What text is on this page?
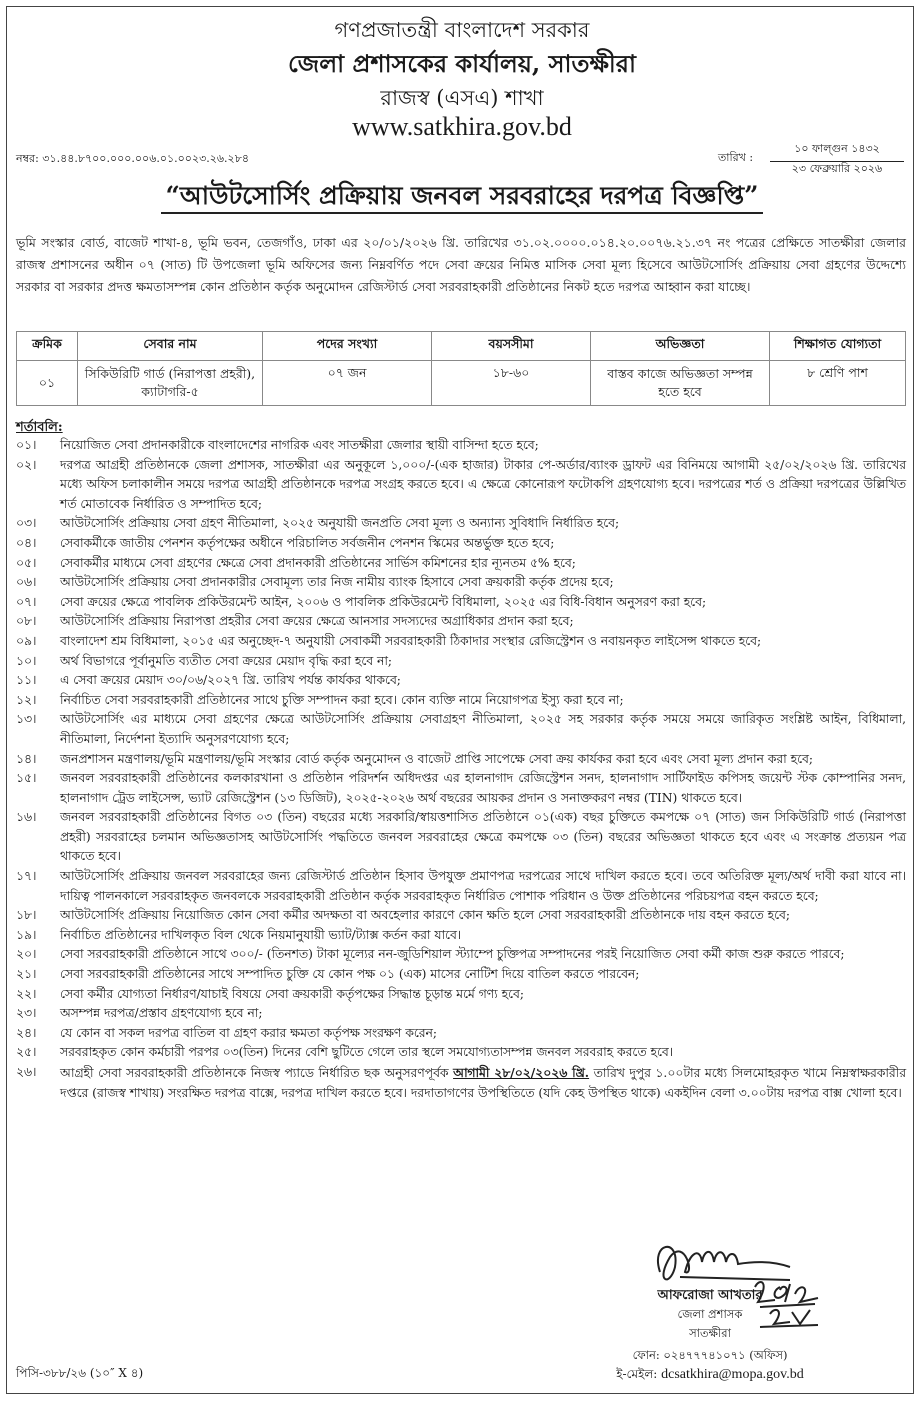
গণপ্রজাতন্ত্রী বাংলাদেশ সরকার
জেলা প্রশাসকের কার্যালয়, সাতক্ষীরা
রাজস্ব (এসএ) শাখা
www.satkhira.gov.bd
নম্বর: ৩১.৪৪.৮৭০০.০০০.০০৬.০১.০০২৩.২৬.২৮৪	তারিখ :
১০ ফাল্গুন ১৪৩২
২৩ ফেব্রুয়ারি ২০২৬
“আউটসোর্সিং প্রক্রিয়ায় জনবল সরবরাহের দরপত্র বিজ্ঞপ্তি”
ভূমি সংস্কার বোর্ড, বাজেট শাখা-৪, ভূমি ভবন, তেজগাঁও, ঢাকা এর ২০/০১/২০২৬ খ্রি. তারিখের ৩১.০২.০০০০.০১৪.২০.০০৭৬.২১.৩৭ নং পত্রের প্রেক্ষিতে সাতক্ষীরা জেলার রাজস্ব প্রশাসনের অধীন ০৭ (সাত) টি উপজেলা ভূমি অফিসের জন্য নিম্নবর্ণিত পদে সেবা ক্রয়ের নিমিত্ত মাসিক সেবা মূল্য হিসেবে আউটসোর্সিং প্রক্রিয়ায় সেবা গ্রহণের উদ্দেশ্যে সরকার বা সরকার প্রদত্ত ক্ষমতাসম্পন্ন কোন প্রতিষ্ঠান কর্তৃক অনুমোদন রেজিস্টার্ড সেবা সরবরাহকারী প্রতিষ্ঠানের নিকট হতে দরপত্র আহ্বান করা যাচ্ছে।
ক্রমিক	সেবার নাম	পদের সংখ্যা	বয়সসীমা	অভিজ্ঞতা	শিক্ষাগত যোগ্যতা
০১	সিকিউরিটি গার্ড (নিরাপত্তা প্রহরী), ক্যাটাগরি-৫	০৭ জন	১৮-৬০	বাস্তব কাজে অভিজ্ঞতা সম্পন্ন হতে হবে	৮ শ্রেণি পাশ
শর্তাবলি:
০১।	নিয়োজিত সেবা প্রদানকারীকে বাংলাদেশের নাগরিক এবং সাতক্ষীরা জেলার স্থায়ী বাসিন্দা হতে হবে;
০২।	দরপত্র আগ্রহী প্রতিষ্ঠানকে জেলা প্রশাসক, সাতক্ষীরা এর অনুকূলে ১,০০০/-(এক হাজার) টাকার পে-অর্ডার/ব্যাংক ড্রাফট এর বিনিময়ে আগামী ২৫/০২/২০২৬ খ্রি. তারিখের মধ্যে অফিস চলাকালীন সময়ে দরপত্র আগ্রহী প্রতিষ্ঠানকে দরপত্র সংগ্রহ করতে হবে। এ ক্ষেত্রে কোনোরূপ ফটোকপি গ্রহণযোগ্য হবে। দরপত্রের শর্ত ও প্রক্রিয়া দরপত্রের উল্লিখিত শর্ত মোতাবেক নির্ধারিত ও সম্পাদিত হবে;
০৩।	আউটসোর্সিং প্রক্রিয়ায় সেবা গ্রহণ নীতিমালা, ২০২৫ অনুযায়ী জনপ্রতি সেবা মূল্য ও অন্যান্য সুবিধাদি নির্ধারিত হবে;
০৪।	সেবাকর্মীকে জাতীয় পেনশন কর্তৃপক্ষের অধীনে পরিচালিত সর্বজনীন পেনশন স্কিমের অন্তর্ভুক্ত হতে হবে;
০৫।	সেবাকর্মীর মাধ্যমে সেবা গ্রহণের ক্ষেত্রে সেবা প্রদানকারী প্রতিষ্ঠানের সার্ভিস কমিশনের হার ন্যূনতম ৫% হবে;
০৬।	আউটসোর্সিং প্রক্রিয়ায় সেবা প্রদানকারীর সেবামূল্য তার নিজ নামীয় ব্যাংক হিসাবে সেবা ক্রয়কারী কর্তৃক প্রদেয় হবে;
০৭।	সেবা ক্রয়ের ক্ষেত্রে পাবলিক প্রকিউরমেন্ট আইন, ২০০৬ ও পাবলিক প্রকিউরমেন্ট বিধিমালা, ২০২৫ এর বিধি-বিধান অনুসরণ করা হবে;
০৮।	আউটসোর্সিং প্রক্রিয়ায় নিরাপত্তা প্রহরীর সেবা ক্রয়ের ক্ষেত্রে আনসার সদস্যদের অগ্রাধিকার প্রদান করা হবে;
০৯।	বাংলাদেশ শ্রম বিধিমালা, ২০১৫ এর অনুচ্ছেদ-৭ অনুযায়ী সেবাকর্মী সরবরাহকারী ঠিকাদার সংস্থার রেজিস্ট্রেশন ও নবায়নকৃত লাইসেন্স থাকতে হবে;
১০।	অর্থ বিভাগরে পূর্বানুমতি ব্যতীত সেবা ক্রয়ের মেয়াদ বৃদ্ধি করা হবে না;
১১।	এ সেবা ক্রয়ের মেয়াদ ৩০/০৬/২০২৭ খ্রি. তারিখ পর্যন্ত কার্যকর থাকবে;
১২।	নির্বাচিত সেবা সরবরাহকারী প্রতিষ্ঠানের সাথে চুক্তি সম্পাদন করা হবে। কোন ব্যক্তি নামে নিয়োগপত্র ইস্যু করা হবে না;
১৩।	আউটসোর্সিং এর মাধ্যমে সেবা গ্রহণের ক্ষেত্রে আউটসোর্সিং প্রক্রিয়ায় সেবাগ্রহণ নীতিমালা, ২০২৫ সহ সরকার কর্তৃক সময়ে সময়ে জারিকৃত সংশ্লিষ্ট আইন, বিধিমালা, নীতিমালা, নির্দেশনা ইত্যাদি অনুসরণযোগ্য হবে;
১৪।	জনপ্রশাসন মন্ত্রণালয়/ভূমি মন্ত্রণালয়/ভূমি সংস্কার বোর্ড কর্তৃক অনুমোদন ও বাজেট প্রাপ্তি সাপেক্ষে সেবা ক্রয় কার্যকর করা হবে এবং সেবা মূল্য প্রদান করা হবে;
১৫।	জনবল সরবরাহকারী প্রতিষ্ঠানের কলকারখানা ও প্রতিষ্ঠান পরিদর্শন অধিদপ্তর এর হালনাগাদ রেজিস্ট্রেশন সনদ, হালনাগাদ সার্টিফাইড কপিসহ জয়েন্ট স্টক কোম্পানির সনদ, হালনাগাদ ট্রেড লাইসেন্স, ভ্যাট রেজিস্ট্রেশন (১৩ ডিজিট), ২০২৫-২০২৬ অর্থ বছরের আয়কর প্রদান ও সনাক্তকরণ নম্বর (TIN) থাকতে হবে।
১৬।	জনবল সরবরাহকারী প্রতিষ্ঠানের বিগত ০৩ (তিন) বছরের মধ্যে সরকারি/স্বায়ত্তশাসিত প্রতিষ্ঠানে ০১(এক) বছর চুক্তিতে কমপক্ষে ০৭ (সাত) জন সিকিউরিটি গার্ড (নিরাপত্তা প্রহরী) সরবরাহের চলমান অভিজ্ঞতাসহ আউটসোর্সিং পদ্ধতিতে জনবল সরবরাহের ক্ষেত্রে কমপক্ষে ০৩ (তিন) বছরের অভিজ্ঞতা থাকতে হবে এবং এ সংক্রান্ত প্রত্যয়ন পত্র থাকতে হবে।
১৭।	আউটসোর্সিং প্রক্রিয়ায় জনবল সরবরাহের জন্য রেজিস্টার্ড প্রতিষ্ঠান হিসাব উপযুক্ত প্রমাণপত্র দরপত্রের সাথে দাখিল করতে হবে। তবে অতিরিক্ত মূল্য/অর্থ দাবী করা যাবে না। দায়িত্ব পালনকালে সরবরাহকৃত জনবলকে সরবরাহকারী প্রতিষ্ঠান কর্তৃক সরবরাহকৃত নির্ধারিত পোশাক পরিধান ও উক্ত প্রতিষ্ঠানের পরিচয়পত্র বহন করতে হবে;
১৮।	আউটসোর্সিং প্রক্রিয়ায় নিয়োজিত কোন সেবা কর্মীর অদক্ষতা বা অবহেলার কারণে কোন ক্ষতি হলে সেবা সরবরাহকারী প্রতিষ্ঠানকে দায় বহন করতে হবে;
১৯।	নির্বাচিত প্রতিষ্ঠানের দাখিলকৃত বিল থেকে নিয়মানুযায়ী ভ্যাট/ট্যাক্স কর্তন করা যাবে।
২০।	সেবা সরবরাহকারী প্রতিষ্ঠানে সাথে ৩০০/- (তিনশত) টাকা মূল্যের নন-জুডিশিয়াল স্ট্যাম্পে চুক্তিপত্র সম্পাদনের পরই নিয়োজিত সেবা কর্মী কাজ শুরু করতে পারবে;
২১।	সেবা সরবরাহকারী প্রতিষ্ঠানের সাথে সম্পাদিত চুক্তি যে কোন পক্ষ ০১ (এক) মাসের নোটিশ দিয়ে বাতিল করতে পারবেন;
২২।	সেবা কর্মীর যোগ্যতা নির্ধারণ/যাচাই বিষয়ে সেবা ক্রয়কারী কর্তৃপক্ষের সিদ্ধান্ত চূড়ান্ত মর্মে গণ্য হবে;
২৩।	অসম্পন্ন দরপত্র/প্রস্তাব গ্রহণযোগ্য হবে না;
২৪।	যে কোন বা সকল দরপত্র বাতিল বা গ্রহণ করার ক্ষমতা কর্তৃপক্ষ সংরক্ষণ করেন;
২৫।	সরবরাহকৃত কোন কর্মচারী পরপর ০৩(তিন) দিনের বেশি ছুটিতে গেলে তার স্থলে সমযোগ্যতাসম্পন্ন জনবল সরবরাহ করতে হবে।
২৬।	আগ্রহী সেবা সরবরাহকারী প্রতিষ্ঠানকে নিজস্ব প্যাডে নির্ধারিত ছক অনুসরণপূর্বক আগামী ২৮/০২/২০২৬ খ্রি. তারিখ দুপুর ১.০০টার মধ্যে সিলমোহরকৃত খামে নিম্নস্বাক্ষরকারীর দপ্তরে (রাজস্ব শাখায়) সংরক্ষিত দরপত্র বাক্সে, দরপত্র দাখিল করতে হবে। দরদাতাগণের উপস্থিতিতে (যদি কেহ উপস্থিত থাকে) একইদিন বেলা ৩.০০টায় দরপত্র বাক্স খোলা হবে।
আফরোজা আখতার
জেলা প্রশাসক
সাতক্ষীরা
ফোন: ০২৪৭৭৭৪১০৭১ (অফিস)
ই-মেইল: dcsatkhira@mopa.gov.bd
পিসি-৩৮৮/২৬ (১০″ X ৪)
